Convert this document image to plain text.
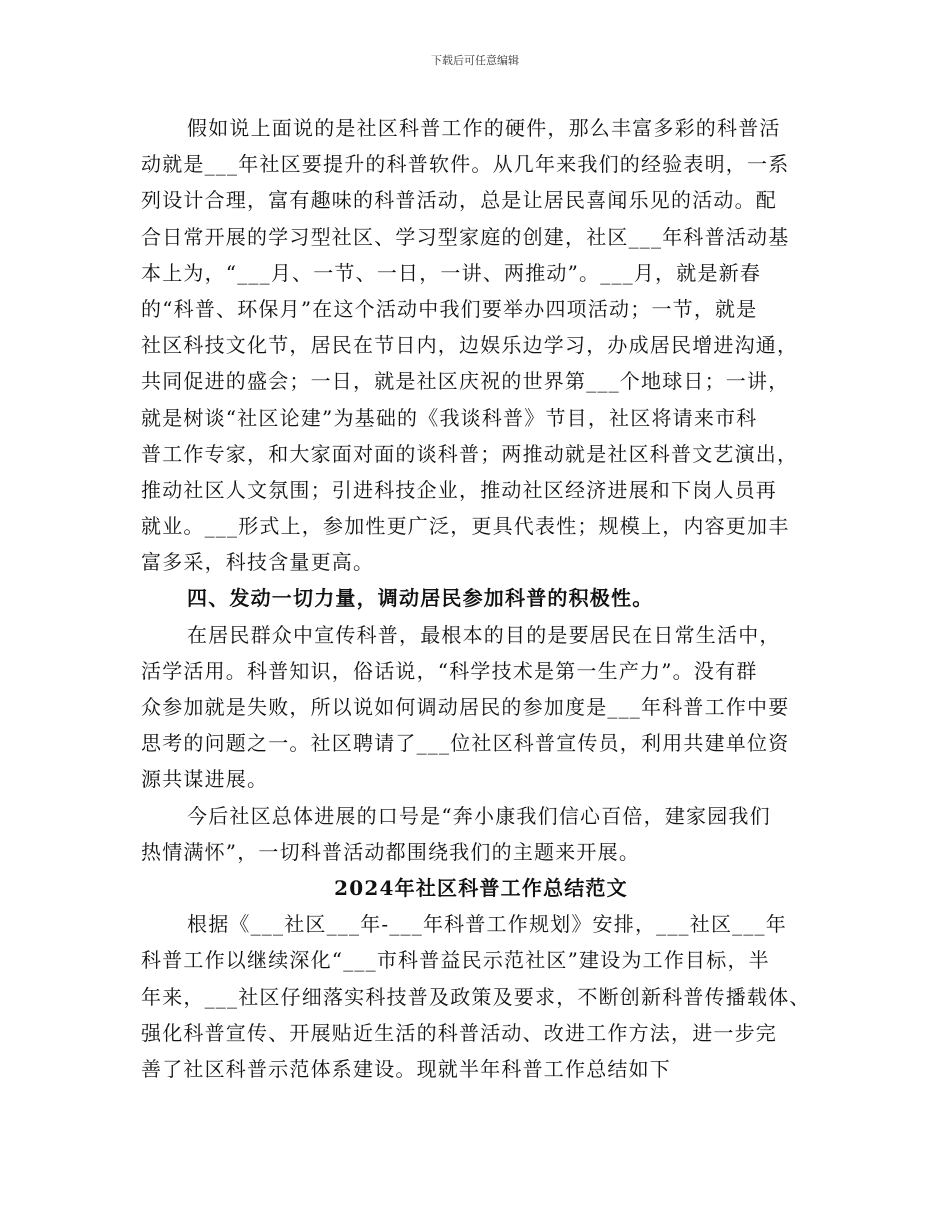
下载后可任意编辑
假如说上面说的是社区科普工作的硬件，那么丰富多彩的科普活
动就是___年社区要提升的科普软件。从几年来我们的经验表明，一系
列设计合理，富有趣味的科普活动，总是让居民喜闻乐见的活动。配
合日常开展的学习型社区、学习型家庭的创建，社区___年科普活动基
本上为，“___月、一节、一日，一讲、两推动”。___月，就是新春
的“科普、环保月”在这个活动中我们要举办四项活动；一节，就是
社区科技文化节，居民在节日内，边娱乐边学习，办成居民增进沟通，
共同促进的盛会；一日，就是社区庆祝的世界第___个地球日；一讲，
就是树谈“社区论建”为基础的《我谈科普》节目，社区将请来市科
普工作专家，和大家面对面的谈科普；两推动就是社区科普文艺演出，
推动社区人文氛围；引进科技企业，推动社区经济进展和下岗人员再
就业。___形式上，参加性更广泛，更具代表性；规模上，内容更加丰
富多采，科技含量更高。
四、发动一切力量，调动居民参加科普的积极性。
在居民群众中宣传科普，最根本的目的是要居民在日常生活中，
活学活用。科普知识，俗话说，“科学技术是第一生产力”。没有群
众参加就是失败，所以说如何调动居民的参加度是___年科普工作中要
思考的问题之一。社区聘请了___位社区科普宣传员，利用共建单位资
源共谋进展。
今后社区总体进展的口号是“奔小康我们信心百倍，建家园我们
热情满怀”，一切科普活动都围绕我们的主题来开展。
2024年社区科普工作总结范文
根据《___社区___年-___年科普工作规划》安排，___社区___年
科普工作以继续深化“___市科普益民示范社区”建设为工作目标，半
年来，___社区仔细落实科技普及政策及要求，不断创新科普传播载体、
强化科普宣传、开展贴近生活的科普活动、改进工作方法，进一步完
善了社区科普示范体系建设。现就半年科普工作总结如下
